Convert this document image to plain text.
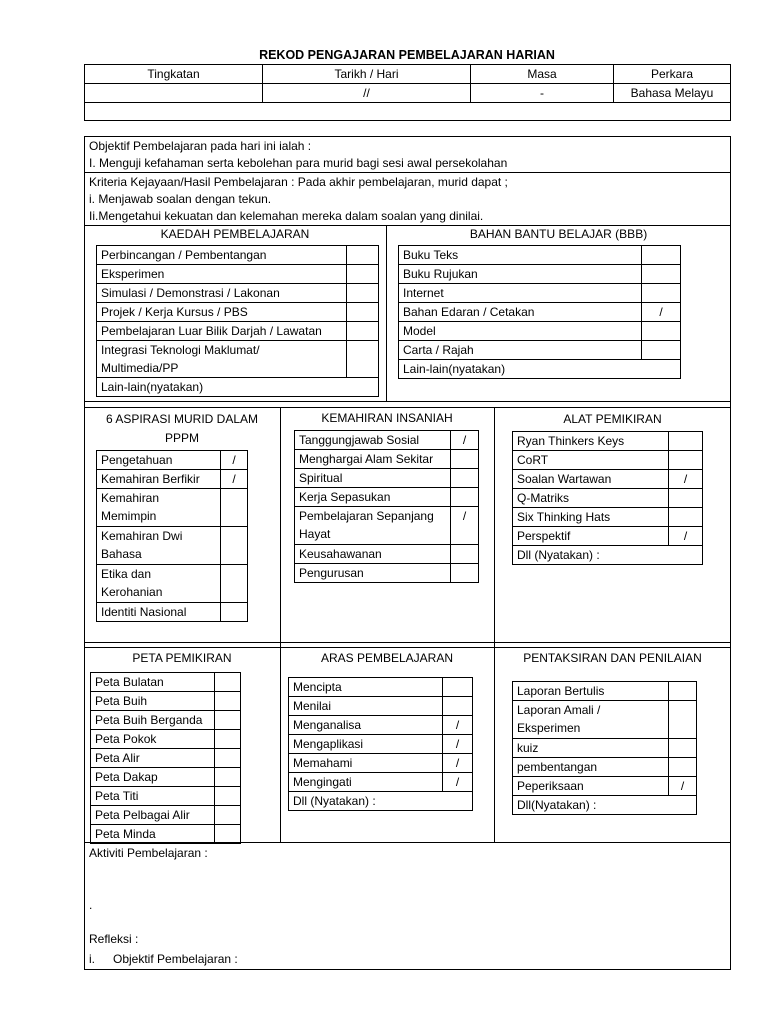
REKOD PENGAJARAN PEMBELAJARAN HARIAN
Tingkatan	Tarikh / Hari	Masa	Perkara
	//	-	Bahasa Melayu

Objektif Pembelajaran pada hari ini ialah :
I. Menguji kefahaman serta kebolehan para murid bagi sesi awal persekolahan
Kriteria Kejayaan/Hasil Pembelajaran : Pada akhir pembelajaran, murid dapat ;
i. Menjawab soalan dengan tekun.
Ii.Mengetahui kekuatan dan kelemahan mereka dalam soalan yang dinilai.
KAEDAH PEMBELAJARAN	BAHAN BANTU BELAJAR (BBB)
Perbincangan / Pembentangan	
Eksperimen	
Simulasi / Demonstrasi / Lakonan	
Projek / Kerja Kursus / PBS	
Pembelajaran Luar Bilik Darjah / Lawatan	

Integrasi Teknologi Maklumat/
Multimedia/PP	

Lain-lain(nyatakan)	
Buku Teks	
Buku Rujukan	
Internet	
Bahan Edaran / Cetakan	/
Model	
Carta / Rajah	
Lain-lain(nyatakan)	
6 ASPIRASI MURID DALAM
PPPM
KEMAHIRAN INSANIAH	ALAT PEMIKIRAN
Pengetahuan	/
Kemahiran Berfikir	/

Kemahiran
Memimpin	

Kemahiran Dwi
Bahasa	

Etika dan
Kerohanian	

Identiti Nasional	
Tanggungjawab Sosial	/
Menghargai Alam Sekitar	
Spiritual	
Kerja Sepasukan	

Pembelajaran Sepanjang
Hayat	/
Keusahawanan	
Pengurusan	
Ryan Thinkers Keys	
CoRT	
Soalan Wartawan	/
Q-Matriks	
Six Thinking Hats	
Perspektif	/
Dll (Nyatakan) :	
PETA PEMIKIRAN	ARAS PEMBELAJARAN	PENTAKSIRAN DAN PENILAIAN
Peta Bulatan	
Peta Buih	
Peta Buih Berganda	
Peta Pokok	
Peta Alir	
Peta Dakap	
Peta Titi	
Peta Pelbagai Alir	
Peta Minda	
Mencipta	
Menilai	
Menganalisa	/
Mengaplikasi	/
Memahami	/
Mengingati	/
Dll (Nyatakan) :	
Laporan Bertulis	

Laporan Amali /
Eksperimen	

kuiz	
pembentangan	
Peperiksaan	/
Dll(Nyatakan) :	
Aktiviti Pembelajaran :
.
Refleksi :
i. Objektif Pembelajaran :
